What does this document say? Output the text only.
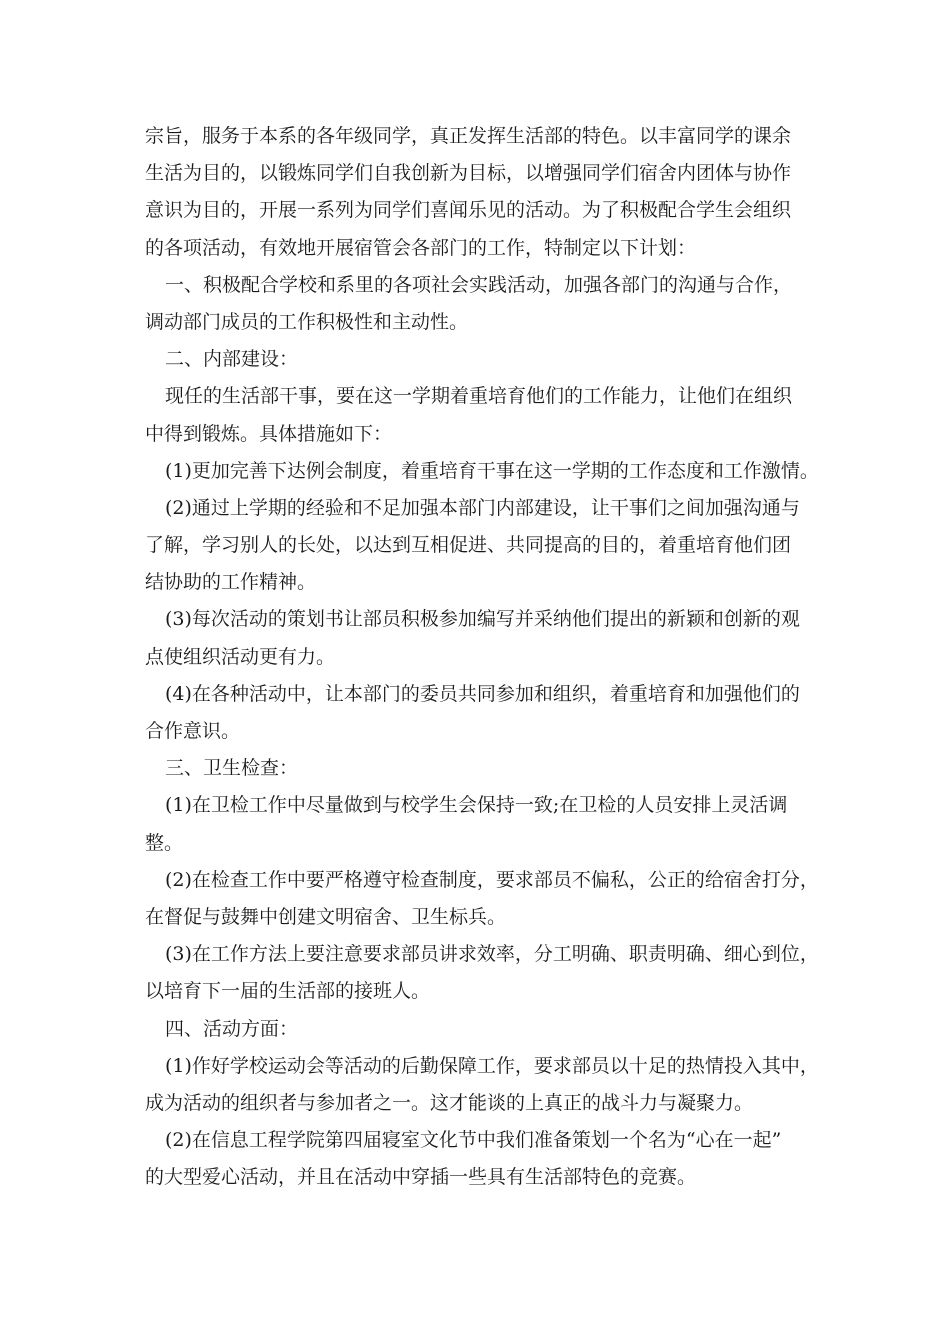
宗旨，服务于本系的各年级同学，真正发挥生活部的特色。以丰富同学的课余
生活为目的，以锻炼同学们自我创新为目标，以增强同学们宿舍内团体与协作
意识为目的，开展一系列为同学们喜闻乐见的活动。为了积极配合学生会组织
的各项活动，有效地开展宿管会各部门的工作，特制定以下计划：
一、积极配合学校和系里的各项社会实践活动，加强各部门的沟通与合作，
调动部门成员的工作积极性和主动性。
二、内部建设：
现任的生活部干事，要在这一学期着重培育他们的工作能力，让他们在组织
中得到锻炼。具体措施如下：
(1)更加完善下达例会制度，着重培育干事在这一学期的工作态度和工作激情。
(2)通过上学期的经验和不足加强本部门内部建设，让干事们之间加强沟通与
了解，学习别人的长处，以达到互相促进、共同提高的目的，着重培育他们团
结协助的工作精神。
(3)每次活动的策划书让部员积极参加编写并采纳他们提出的新颖和创新的观
点使组织活动更有力。
(4)在各种活动中，让本部门的委员共同参加和组织，着重培育和加强他们的
合作意识。
三、卫生检查：
(1)在卫检工作中尽量做到与校学生会保持一致;在卫检的人员安排上灵活调
整。
(2)在检查工作中要严格遵守检查制度，要求部员不偏私，公正的给宿舍打分，
在督促与鼓舞中创建文明宿舍、卫生标兵。
(3)在工作方法上要注意要求部员讲求效率，分工明确、职责明确、细心到位，
以培育下一届的生活部的接班人。
四、活动方面：
(1)作好学校运动会等活动的后勤保障工作，要求部员以十足的热情投入其中，
成为活动的组织者与参加者之一。这才能谈的上真正的战斗力与凝聚力。
(2)在信息工程学院第四届寝室文化节中我们准备策划一个名为“心在一起”
的大型爱心活动，并且在活动中穿插一些具有生活部特色的竞赛。
